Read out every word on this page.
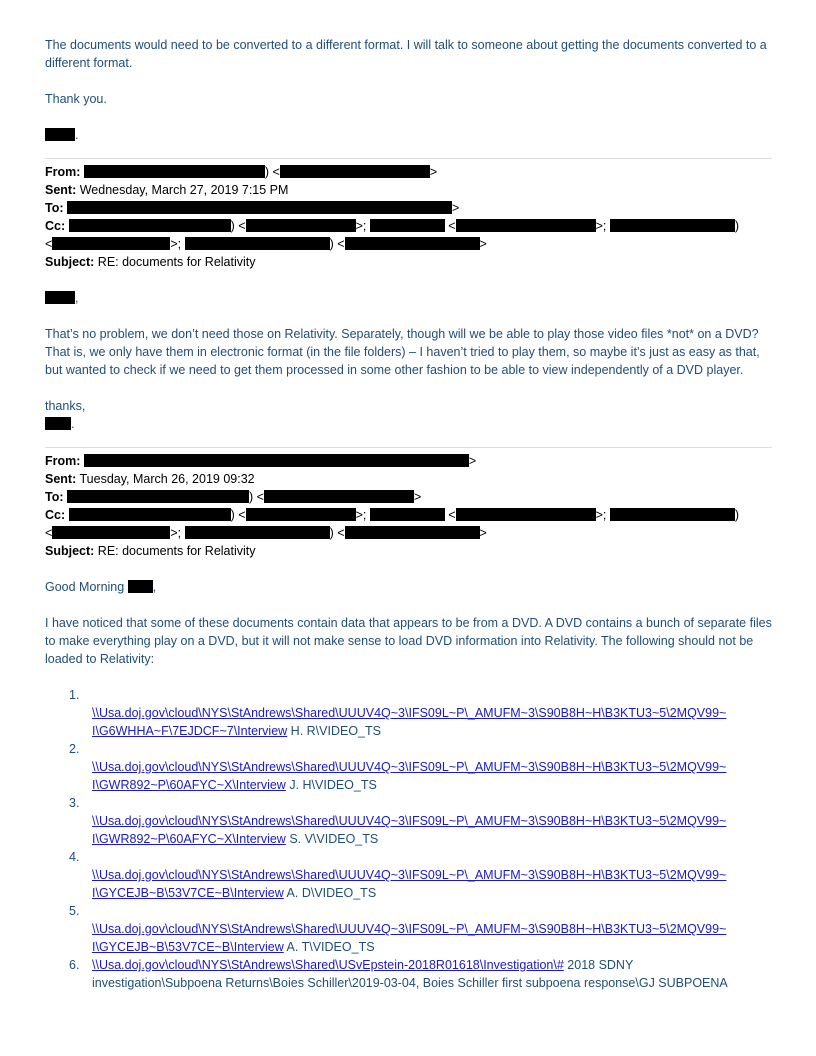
The documents would need to be converted to a different format. I will talk to someone about getting the documents converted to a different format.

Thank you.

.

From:	) <	>
Sent: Wednesday, March 27, 2019 7:15 PM
To:	>
Cc:	) <	>;	<	>;	)
<	>;	) <	>
Subject: RE: documents for Relativity

,

That’s no problem, we don’t need those on Relativity. Separately, though will we be able to play those video files *not* on a DVD? That is, we only have them in electronic format (in the file folders) – I haven’t tried to play them, so maybe it’s just as easy as that, but wanted to check if we need to get them processed in some other fashion to be able to view independently of a DVD player.

thanks,

.

From:	>
Sent: Tuesday, March 26, 2019 09:32
To:	) <	>
Cc:	) <	>;	<	>;	)
<	>;	) <	>
Subject: RE: documents for Relativity

Good Morning ,

I have noticed that some of these documents contain data that appears to be from a DVD. A DVD contains a bunch of separate files to make everything play on a DVD, but it will not make sense to load DVD information into Relativity. The following should not be loaded to Relativity:

1.

\\Usa.doj.gov\cloud\NYS\StAndrews\Shared\UUUV4Q~3\IFS09L~P\_AMUFM~3\S90B8H~H\B3KTU3~5\2MQV99~
I\G6WHHA~F\7EJDCF~7\Interview H. R\VIDEO_TS
2.

\\Usa.doj.gov\cloud\NYS\StAndrews\Shared\UUUV4Q~3\IFS09L~P\_AMUFM~3\S90B8H~H\B3KTU3~5\2MQV99~
I\GWR892~P\60AFYC~X\Interview J. H\VIDEO_TS
3.

\\Usa.doj.gov\cloud\NYS\StAndrews\Shared\UUUV4Q~3\IFS09L~P\_AMUFM~3\S90B8H~H\B3KTU3~5\2MQV99~
I\GWR892~P\60AFYC~X\Interview S. V\VIDEO_TS
4.

\\Usa.doj.gov\cloud\NYS\StAndrews\Shared\UUUV4Q~3\IFS09L~P\_AMUFM~3\S90B8H~H\B3KTU3~5\2MQV99~
I\GYCEJB~B\53V7CE~B\Interview A. D\VIDEO_TS
5.

\\Usa.doj.gov\cloud\NYS\StAndrews\Shared\UUUV4Q~3\IFS09L~P\_AMUFM~3\S90B8H~H\B3KTU3~5\2MQV99~
I\GYCEJB~B\53V7CE~B\Interview A. T\VIDEO_TS
6. \\Usa.doj.gov\cloud\NYS\StAndrews\Shared\USvEpstein-2018R01618\Investigation\# 2018 SDNY
investigation\Subpoena Returns\Boies Schiller\2019-03-04, Boies Schiller first subpoena response\GJ SUBPOENA
